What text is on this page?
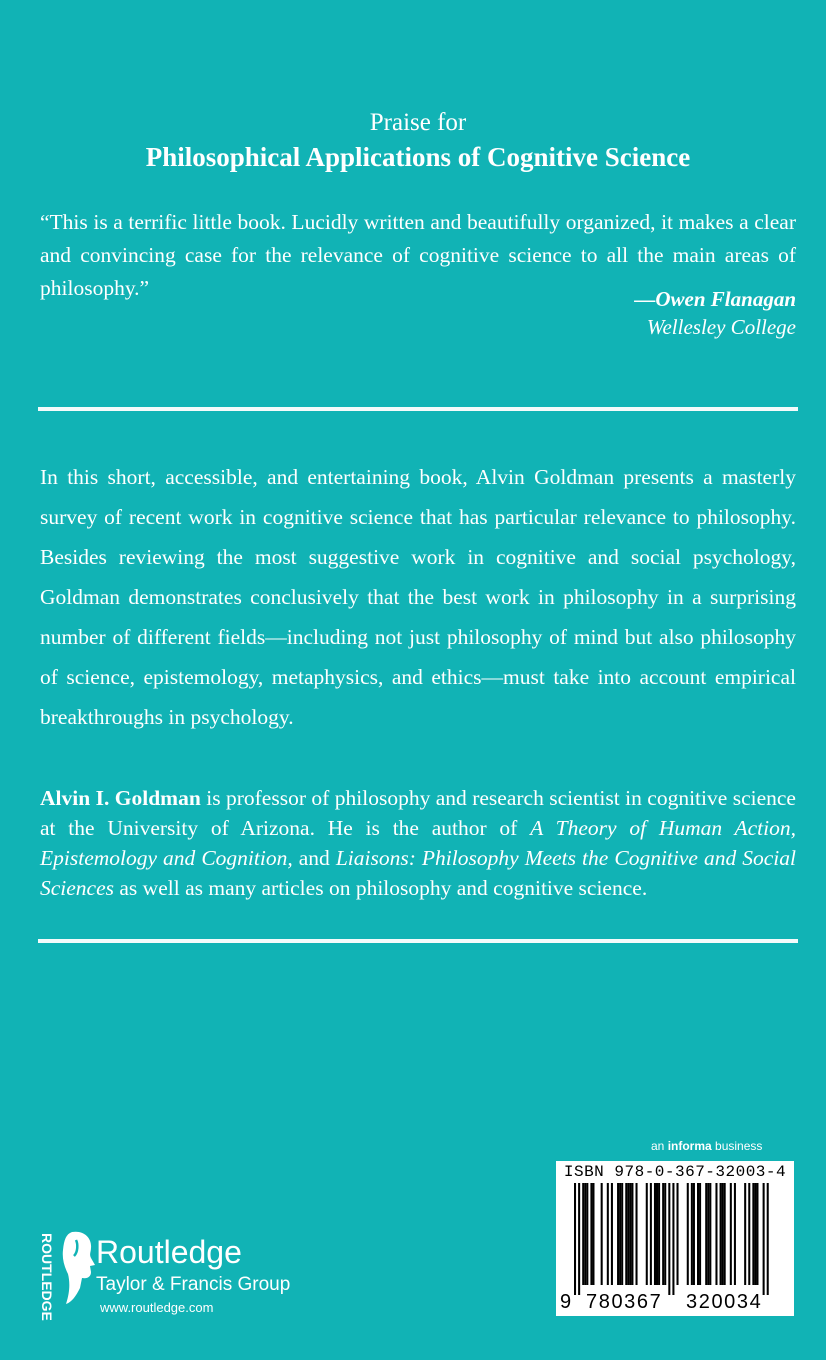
Praise for
Philosophical Applications of Cognitive Science
“This is a terrific little book. Lucidly written and beautifully organized, it makes a clear and convincing case for the relevance of cognitive science to all the main areas of philosophy.”	—Owen Flanagan
Wellesley College
In this short, accessible, and entertaining book, Alvin Goldman presents a masterly survey of recent work in cognitive science that has particular relevance to philosophy. Besides reviewing the most suggestive work in cognitive and social psychology, Goldman demonstrates conclusively that the best work in philosophy in a surprising number of different fields—including not just philosophy of mind but also philosophy of science, epistemology, metaphysics, and ethics—must take into account empirical breakthroughs in psychology.
Alvin I. Goldman is professor of philosophy and research scientist in cognitive science at the University of Arizona. He is the author of A Theory of Human Action, Epistemology and Cognition, and Liaisons: Philosophy Meets the Cognitive and Social Sciences as well as many articles on philosophy and cognitive science.
an informa business
ROUTLEDGE Routledge
Taylor & Francis Group
www.routledge.com
ISBN 978-0-367-32003-4
9 780367 320034
